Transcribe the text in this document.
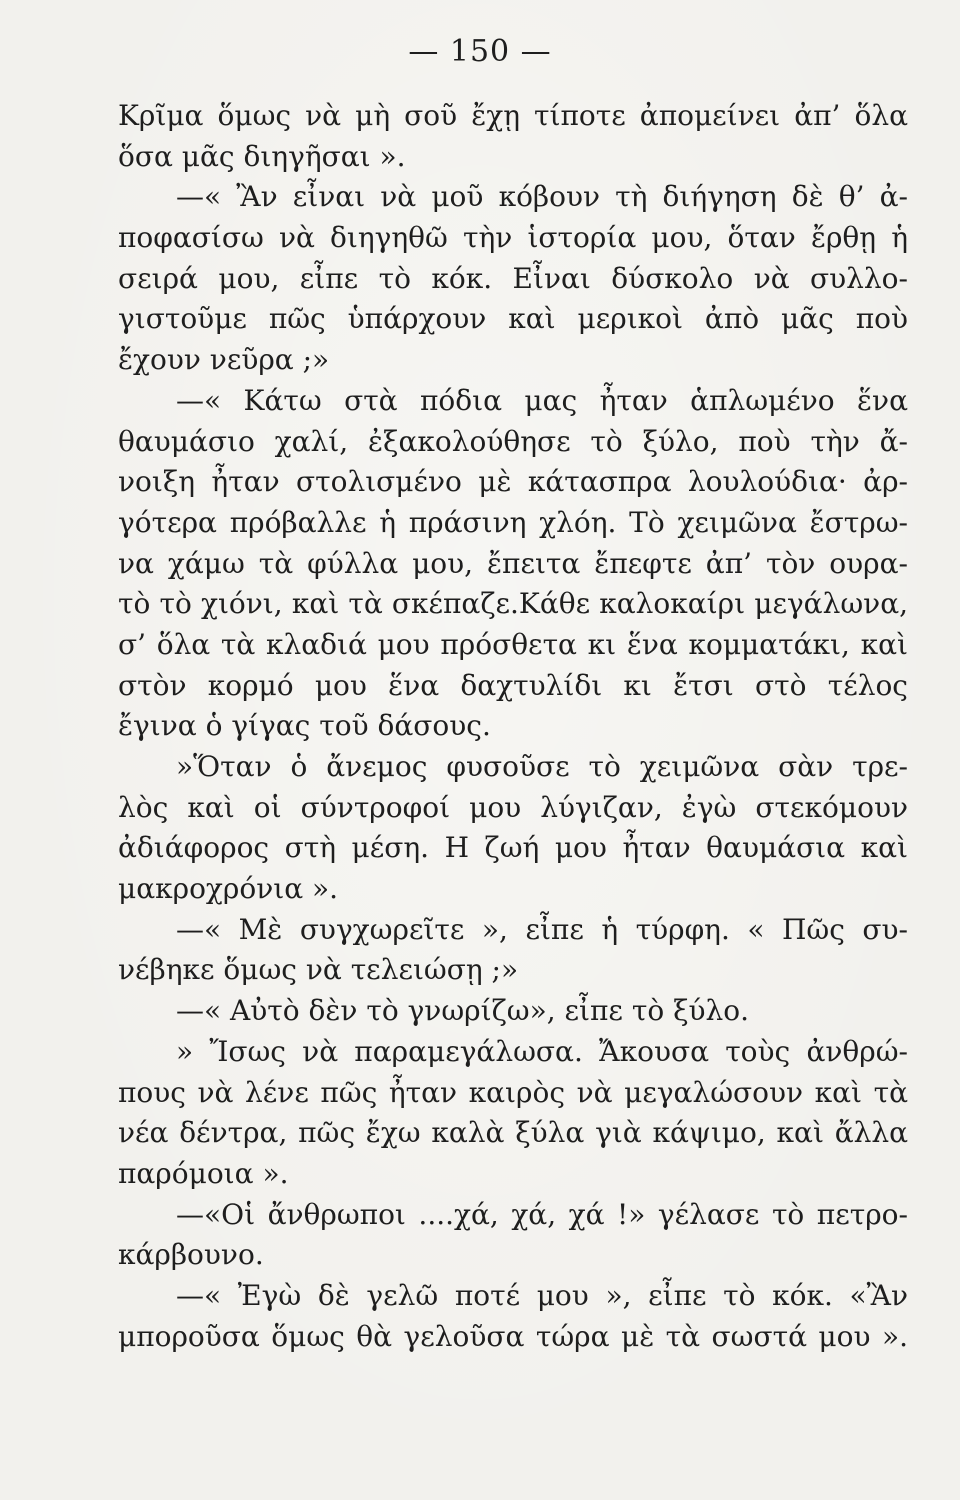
— 150 —
Κρῖμα ὅμως νὰ μὴ σοῦ ἔχῃ τίποτε ἀπομείνει ἀπ’ ὅλα
ὅσα μᾶς διηγῆσαι ».
—« Ἂν εἶναι νὰ μοῦ κόβουν τὴ διήγηση δὲ θ’ ἀ-
ποφασίσω νὰ διηγηθῶ τὴν ἱστορία μου, ὅταν ἔρθῃ ἡ
σειρά μου, εἶπε τὸ κόκ. Εἶναι δύσκολο νὰ συλλο-
γιστοῦμε πῶς ὑπάρχουν καὶ μερικοὶ ἀπὸ μᾶς ποὺ
ἔχουν νεῦρα ;»
—« Κάτω στὰ πόδια μας ἦταν ἁπλωμένο ἕνα
θαυμάσιο χαλί, ἐξακολούθησε τὸ ξύλο, ποὺ τὴν ἄ-
νοιξη ἦταν στολισμένο μὲ κάτασπρα λουλούδια· ἀρ-
γότερα πρόβαλλε ἡ πράσινη χλόη. Τὸ χειμῶνα ἔστρω-
να χάμω τὰ φύλλα μου, ἔπειτα ἔπεφτε ἀπ’ τὸν ουρα-
τὸ τὸ χιόνι, καὶ τὰ σκέπαζε.Κάθε καλοκαίρι μεγάλωνα,
σ’ ὅλα τὰ κλαδιά μου πρόσθετα κι ἕνα κομματάκι, καὶ
στὸν κορμό μου ἕνα δαχτυλίδι κι ἔτσι στὸ τέλος
ἔγινα ὁ γίγας τοῦ δάσους.
»Ὅταν ὁ ἄνεμος φυσοῦσε τὸ χειμῶνα σὰν τρε-
λὸς καὶ οἱ σύντροφοί μου λύγιζαν, ἐγὼ στεκόμουν
ἀδιάφορος στὴ μέση. Η ζωή μου ἦταν θαυμάσια καὶ
μακροχρόνια ».
—« Μὲ συγχωρεῖτε », εἶπε ἡ τύρφη. « Πῶς συ-
νέβηκε ὅμως νὰ τελειώσῃ ;»
—« Αὐτὸ δὲν τὸ γνωρίζω», εἶπε τὸ ξύλο.
» Ἴσως νὰ παραμεγάλωσα. Ἄκουσα τοὺς ἀνθρώ-
πους νὰ λένε πῶς ἦταν καιρὸς νὰ μεγαλώσουν καὶ τὰ
νέα δέντρα, πῶς ἔχω καλὰ ξύλα γιὰ κάψιμο, καὶ ἄλλα
παρόμοια ».
—«Οἱ ἄνθρωποι ....χά, χά, χά !» γέλασε τὸ πετρο-
κάρβουνο.
—« Ἐγὼ δὲ γελῶ ποτέ μου », εἶπε τὸ κόκ. «Ἂν
μποροῦσα ὅμως θὰ γελοῦσα τώρα μὲ τὰ σωστά μου ».
